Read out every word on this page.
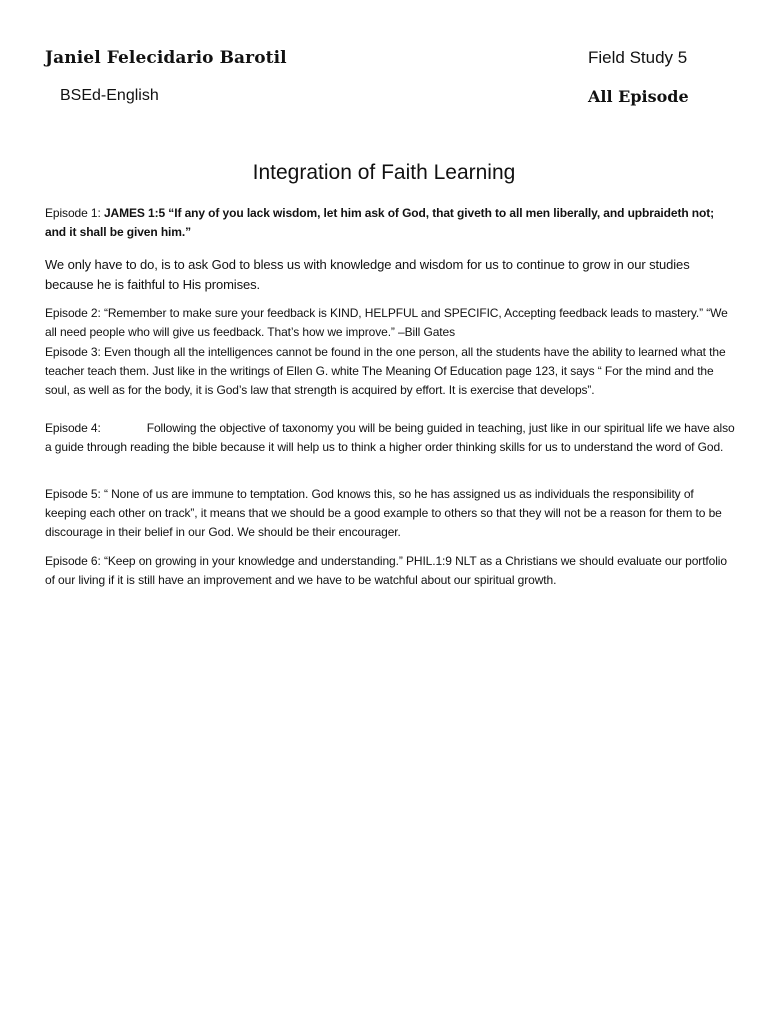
Janiel Felecidario Barotil	Field Study 5
BSEd-English	All Episode
Integration of Faith Learning

Episode 1: JAMES 1:5 “If any of you lack wisdom, let him ask of God, that giveth to all men liberally, and upbraideth not; and it shall be given him.”

We only have to do, is to ask God to bless us with knowledge and wisdom for us to continue to grow in our studies because he is faithful to His promises.

Episode 2: “Remember to make sure your feedback is KIND, HELPFUL and SPECIFIC, Accepting feedback leads to mastery.” “We all need people who will give us feedback. That’s how we improve.” –Bill Gates

Episode 3: Even though all the intelligences cannot be found in the one person, all the students have the ability to learned what the teacher teach them. Just like in the writings of Ellen G. white The Meaning Of Education page 123, it says “ For the mind and the soul, as well as for the body, it is God’s law that strength is acquired by effort. It is exercise that develops”.

Episode 4:	Following the objective of taxonomy you will be being guided in teaching, just like in our spiritual life we have also a guide through reading the bible because it will help us to think a higher order thinking skills for us to understand the word of God.

Episode 5: “ None of us are immune to temptation. God knows this, so he has assigned us as individuals the responsibility of keeping each other on track”, it means that we should be a good example to others so that they will not be a reason for them to be discourage in their belief in our God. We should be their encourager.

Episode 6: “Keep on growing in your knowledge and understanding.” PHIL.1:9 NLT as a Christians we should evaluate our portfolio of our living if it is still have an improvement and we have to be watchful about our spiritual growth.
